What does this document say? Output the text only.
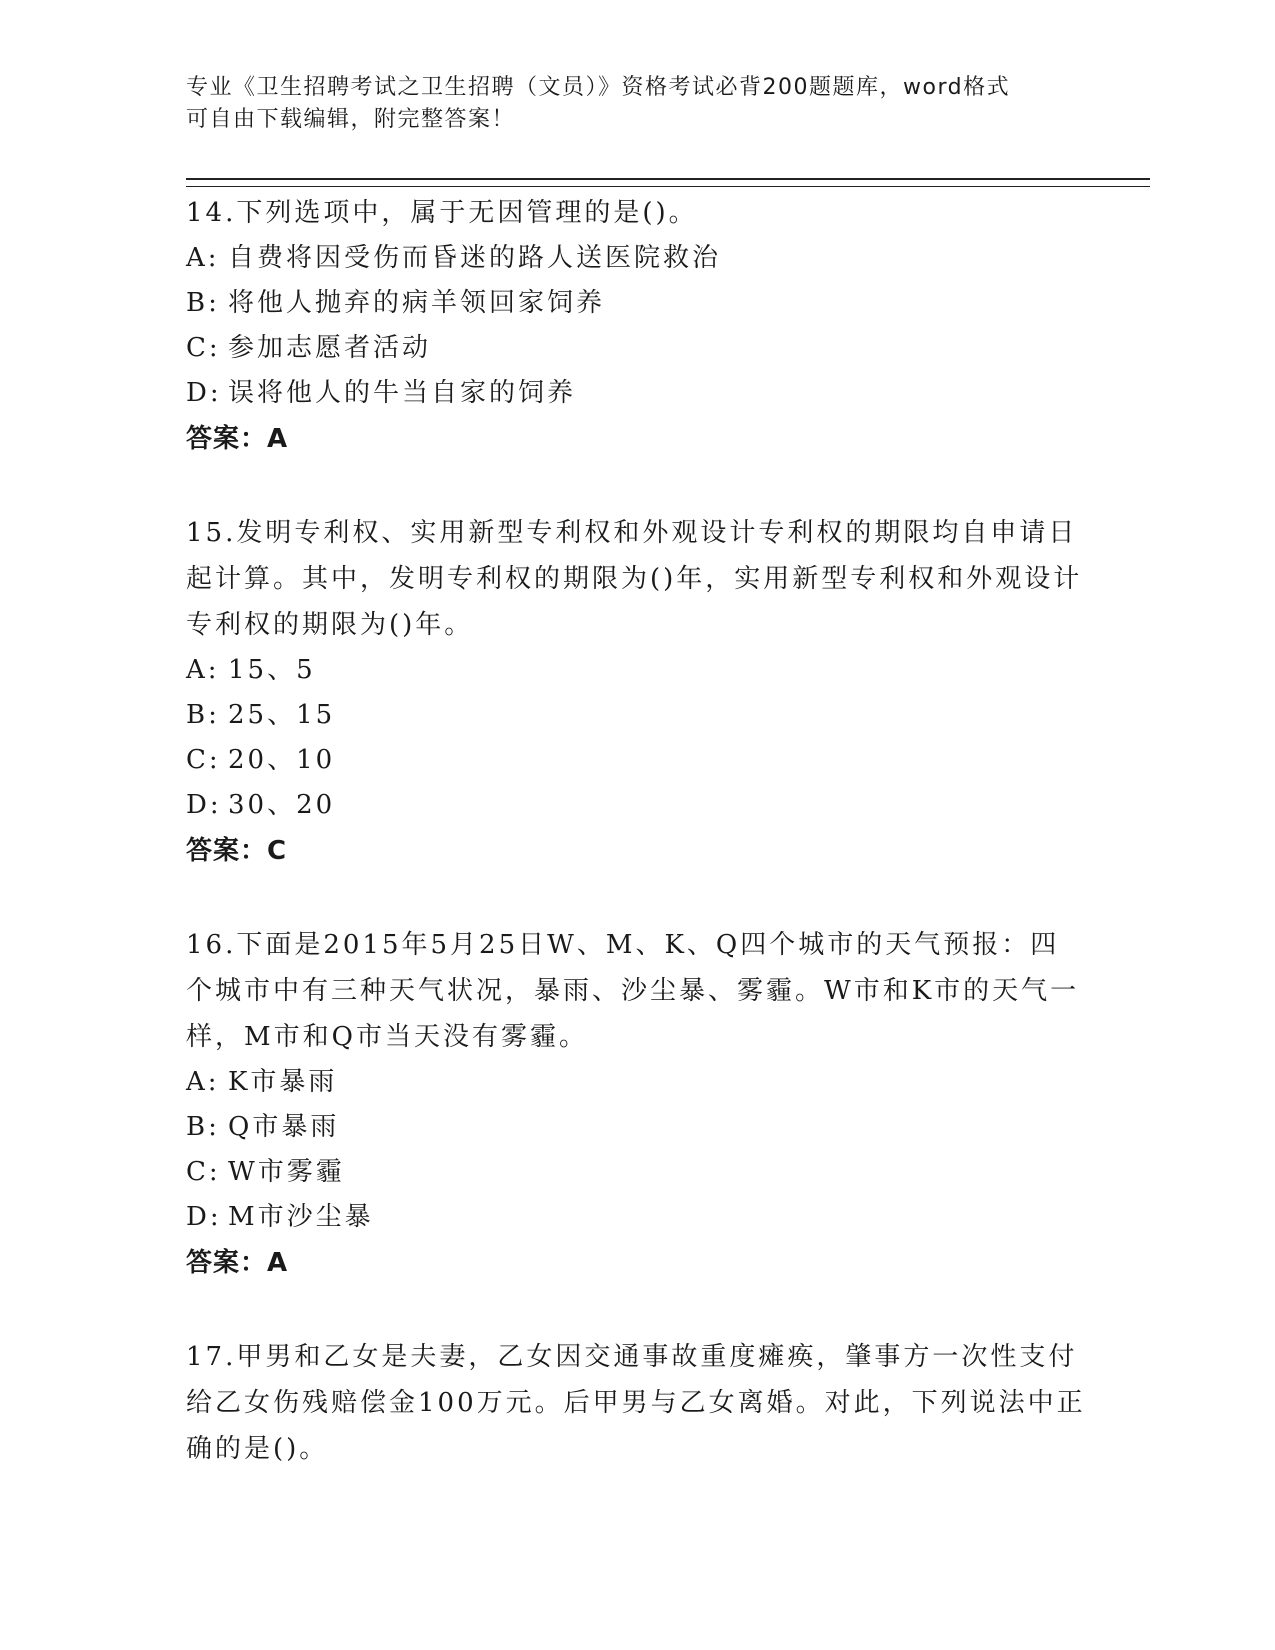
专业《卫生招聘考试之卫生招聘（文员）》资格考试必背200题题库，word格式
可自由下载编辑，附完整答案！
14.下列选项中，属于无因管理的是()。
A: 自费将因受伤而昏迷的路人送医院救治
B: 将他人抛弃的病羊领回家饲养
C: 参加志愿者活动
D: 误将他人的牛当自家的饲养
答案：A
15.发明专利权、实用新型专利权和外观设计专利权的期限均自申请日起计算。其中，发明专利权的期限为()年，实用新型专利权和外观设计专利权的期限为()年。
A: 15、5
B: 25、15
C: 20、10
D: 30、20
答案：C
16.下面是2015年5月25日W、M、K、Q四个城市的天气预报：四个城市中有三种天气状况，暴雨、沙尘暴、雾霾。W市和K市的天气一样，M市和Q市当天没有雾霾。
A: K市暴雨
B: Q市暴雨
C: W市雾霾
D: M市沙尘暴
答案：A
17.甲男和乙女是夫妻，乙女因交通事故重度瘫痪，肇事方一次性支付给乙女伤残赔偿金100万元。后甲男与乙女离婚。对此，下列说法中正确的是()。
